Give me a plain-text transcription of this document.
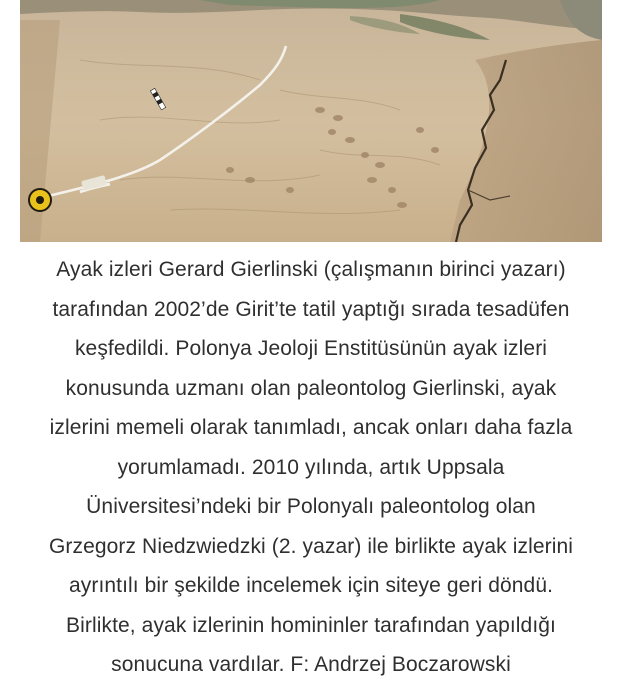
Ayak izleri Gerard Gierlinski (çalışmanın birinci yazarı)
tarafından 2002’de Girit’te tatil yaptığı sırada tesadüfen
keşfedildi. Polonya Jeoloji Enstitüsünün ayak izleri
konusunda uzmanı olan paleontolog Gierlinski, ayak
izlerini memeli olarak tanımladı, ancak onları daha fazla
yorumlamadı. 2010 yılında, artık Uppsala
Üniversitesi’ndeki bir Polonyalı paleontolog olan
Grzegorz Niedzwiedzki (2. yazar) ile birlikte ayak izlerini
ayrıntılı bir şekilde incelemek için siteye geri döndü.
Birlikte, ayak izlerinin homininler tarafından yapıldığı
sonucuna vardılar. F: Andrzej Boczarowski
